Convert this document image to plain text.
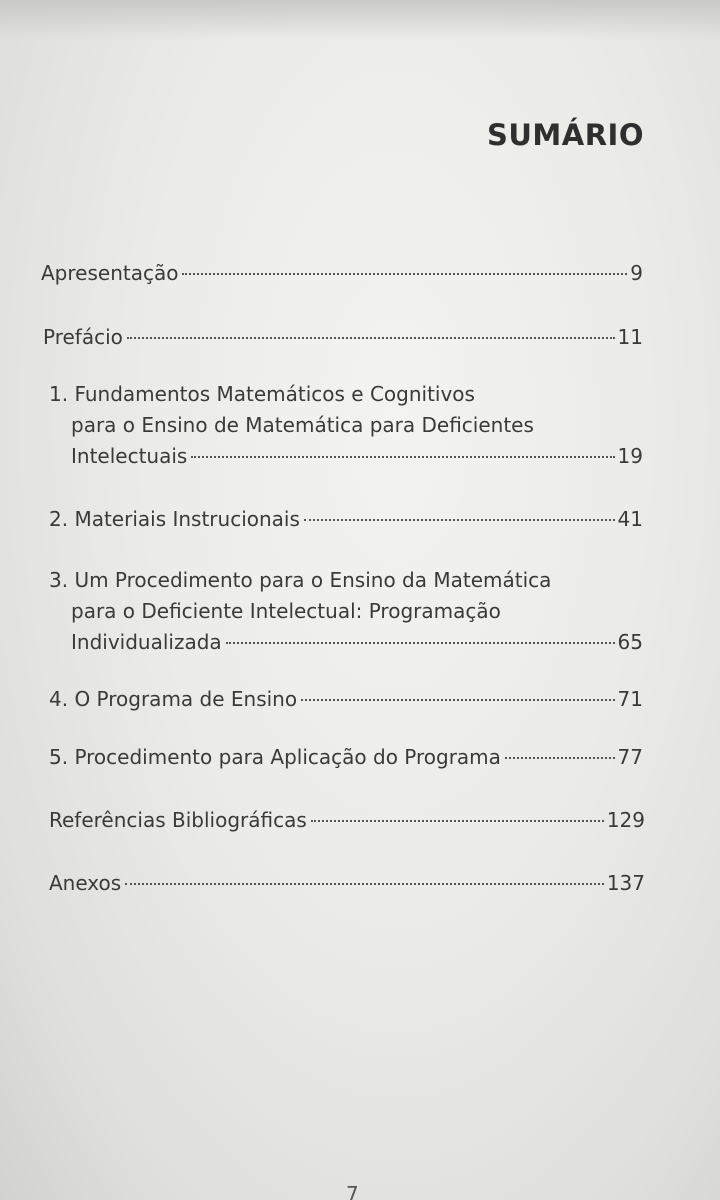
SUMÁRIO
Apresentação	9
Prefácio	11
1. Fundamentos Matemáticos e Cognitivos
para o Ensino de Matemática para Deficientes
Intelectuais	19
2. Materiais Instrucionais	41
3. Um Procedimento para o Ensino da Matemática
para o Deficiente Intelectual: Programação
Individualizada	65
4. O Programa de Ensino	71
5. Procedimento para Aplicação do Programa	77
Referências Bibliográficas	129
Anexos	137
7
